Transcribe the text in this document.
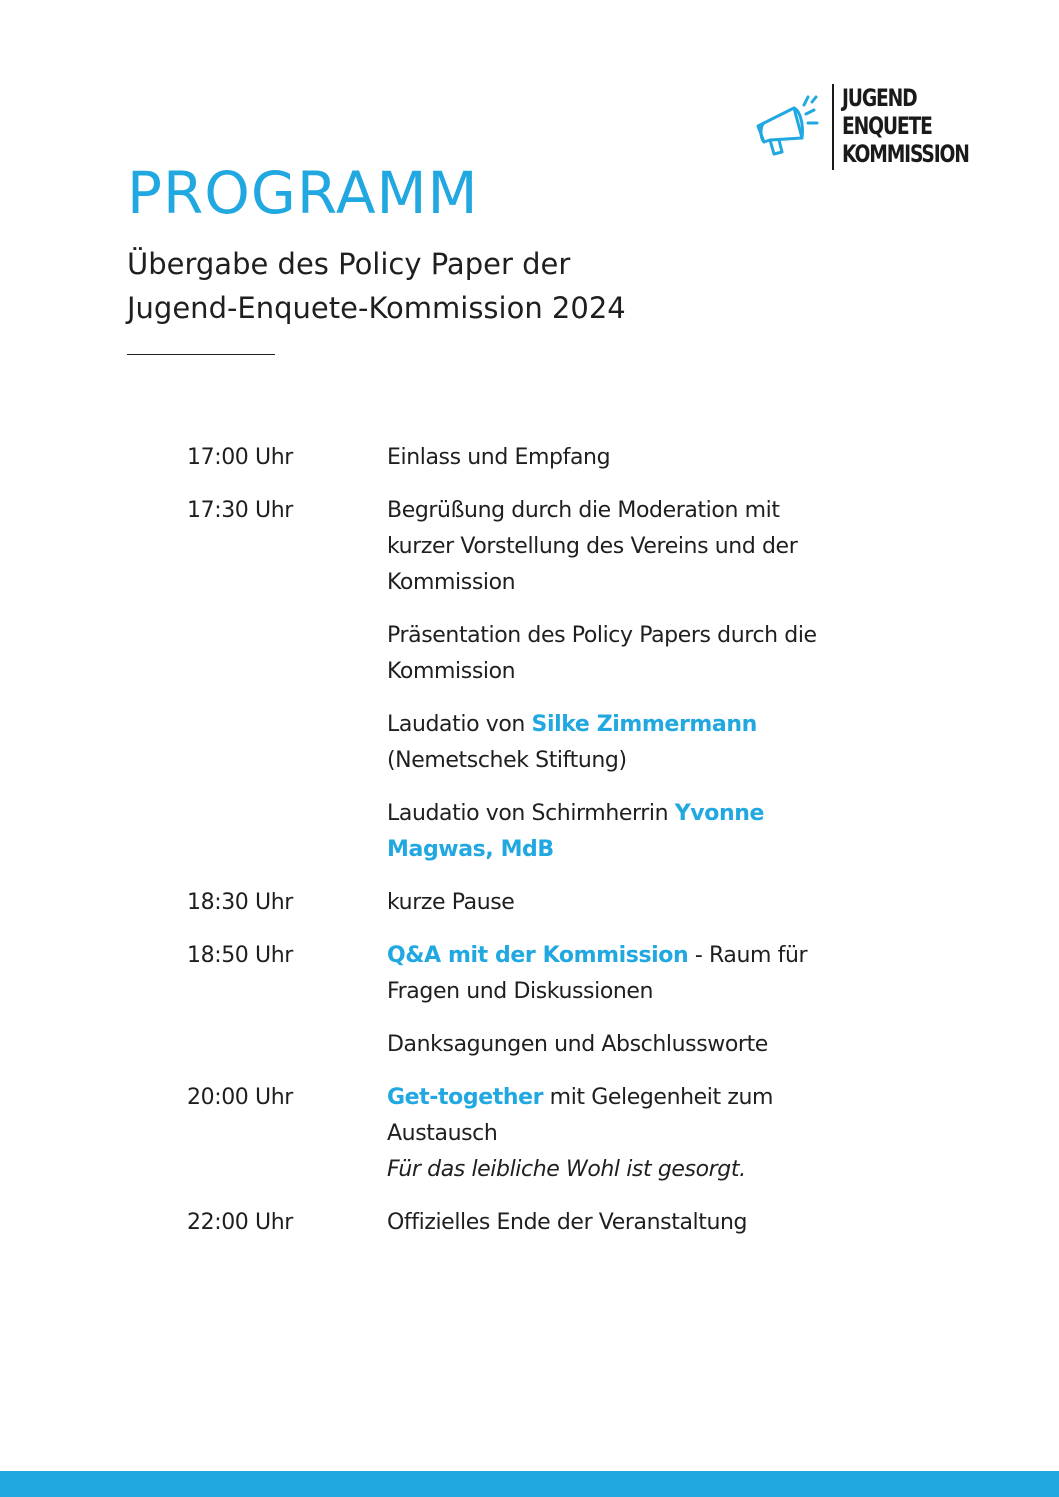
JUGEND
ENQUETE
KOMMISSION
PROGRAMM
Übergabe des Policy Paper der
Jugend-Enquete-Kommission 2024
17:00 Uhr	Einlass und Empfang
17:30 Uhr	Begrüßung durch die Moderation mit
kurzer Vorstellung des Vereins und der
Kommission
Präsentation des Policy Papers durch die
Kommission
Laudatio von Silke Zimmermann
(Nemetschek Stiftung)
Laudatio von Schirmherrin Yvonne
Magwas, MdB
18:30 Uhr	kurze Pause
18:50 Uhr	Q&A mit der Kommission - Raum für
Fragen und Diskussionen
Danksagungen und Abschlussworte
20:00 Uhr	Get-together mit Gelegenheit zum
Austausch
Für das leibliche Wohl ist gesorgt.
22:00 Uhr	Offizielles Ende der Veranstaltung
